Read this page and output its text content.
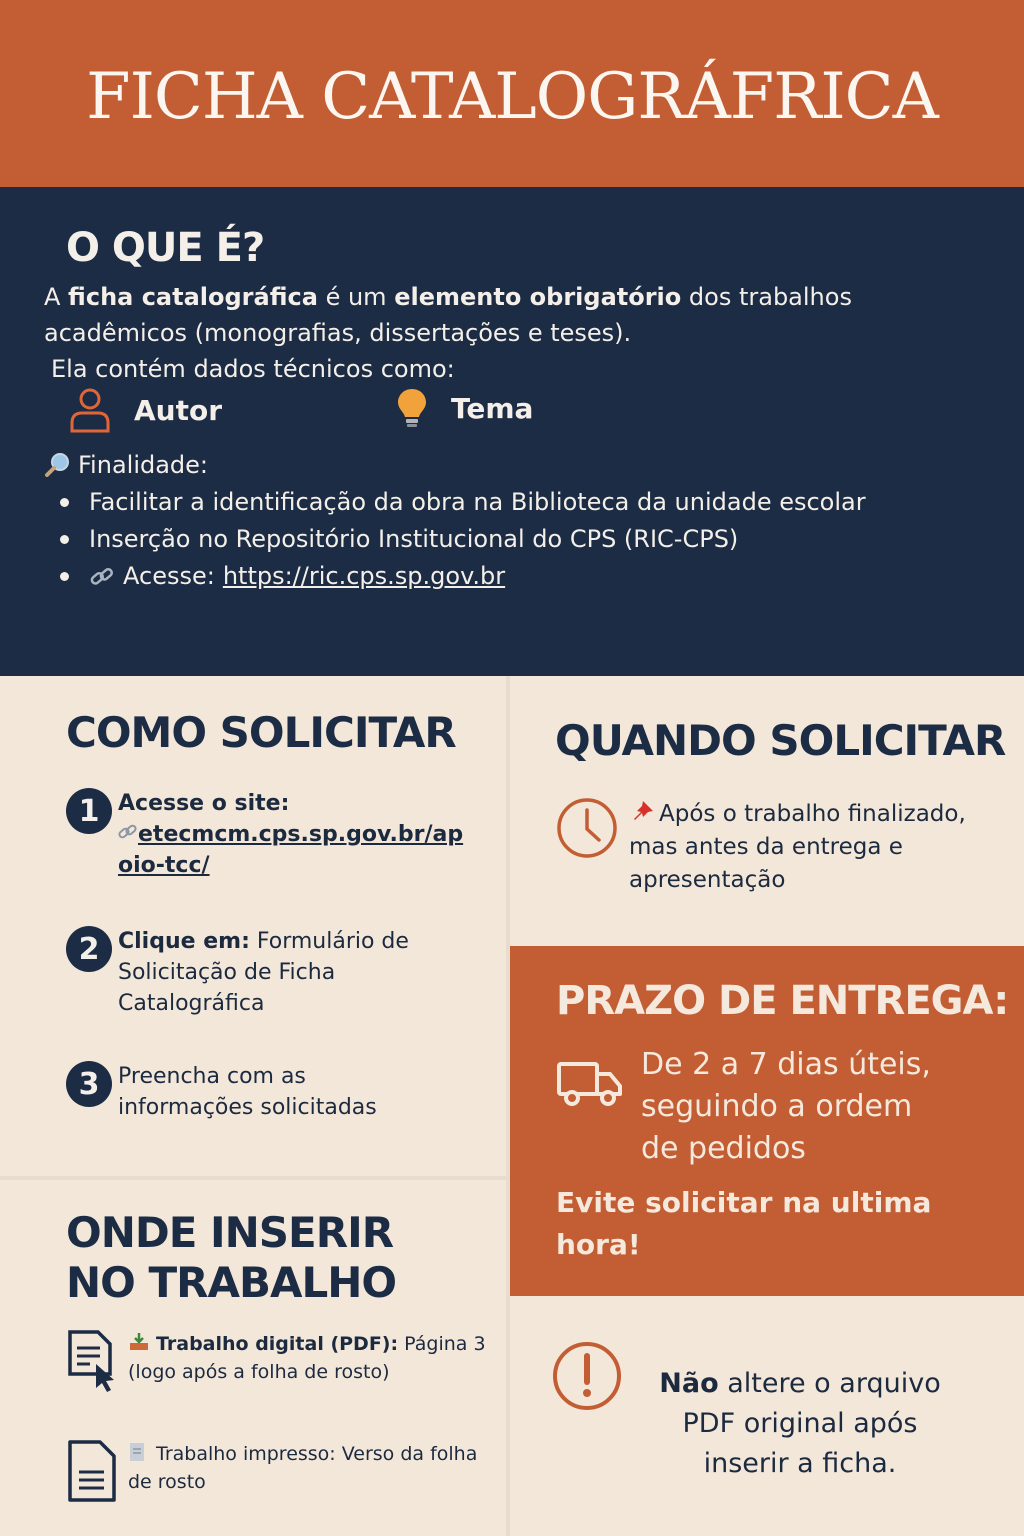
FICHA CATALOGRÁFRICA
O QUE É?

A ficha catalográfica é um elemento obrigatório dos trabalhos acadêmicos (monografias, dissertações e teses).

Ela contém dados técnicos como:

Autor	Tema
Finalidade:
Facilitar a identificação da obra na Biblioteca da unidade escolar
Inserção no Repositório Institucional do CPS (RIC-CPS)
Acesse: https://ric.cps.sp.gov.br
COMO SOLICITAR
1 Acesse o site:
etecmcm.cps.sp.gov.br/apoio-tcc/
2 Clique em: Formulário de Solicitação de Ficha Catalográfica
3 Preencha com as informações solicitadas
ONDE INSERIR
NO TRABALHO
Trabalho digital (PDF): Página 3 (logo após a folha de rosto)
Trabalho impresso: Verso da folha de rosto
QUANDO SOLICITAR
Após o trabalho finalizado, mas antes da entrega e apresentação
PRAZO DE ENTREGA:
De 2 a 7 dias úteis, seguindo a ordem de pedidos
Evite solicitar na ultima hora!
Não altere o arquivo PDF original após inserir a ficha.
